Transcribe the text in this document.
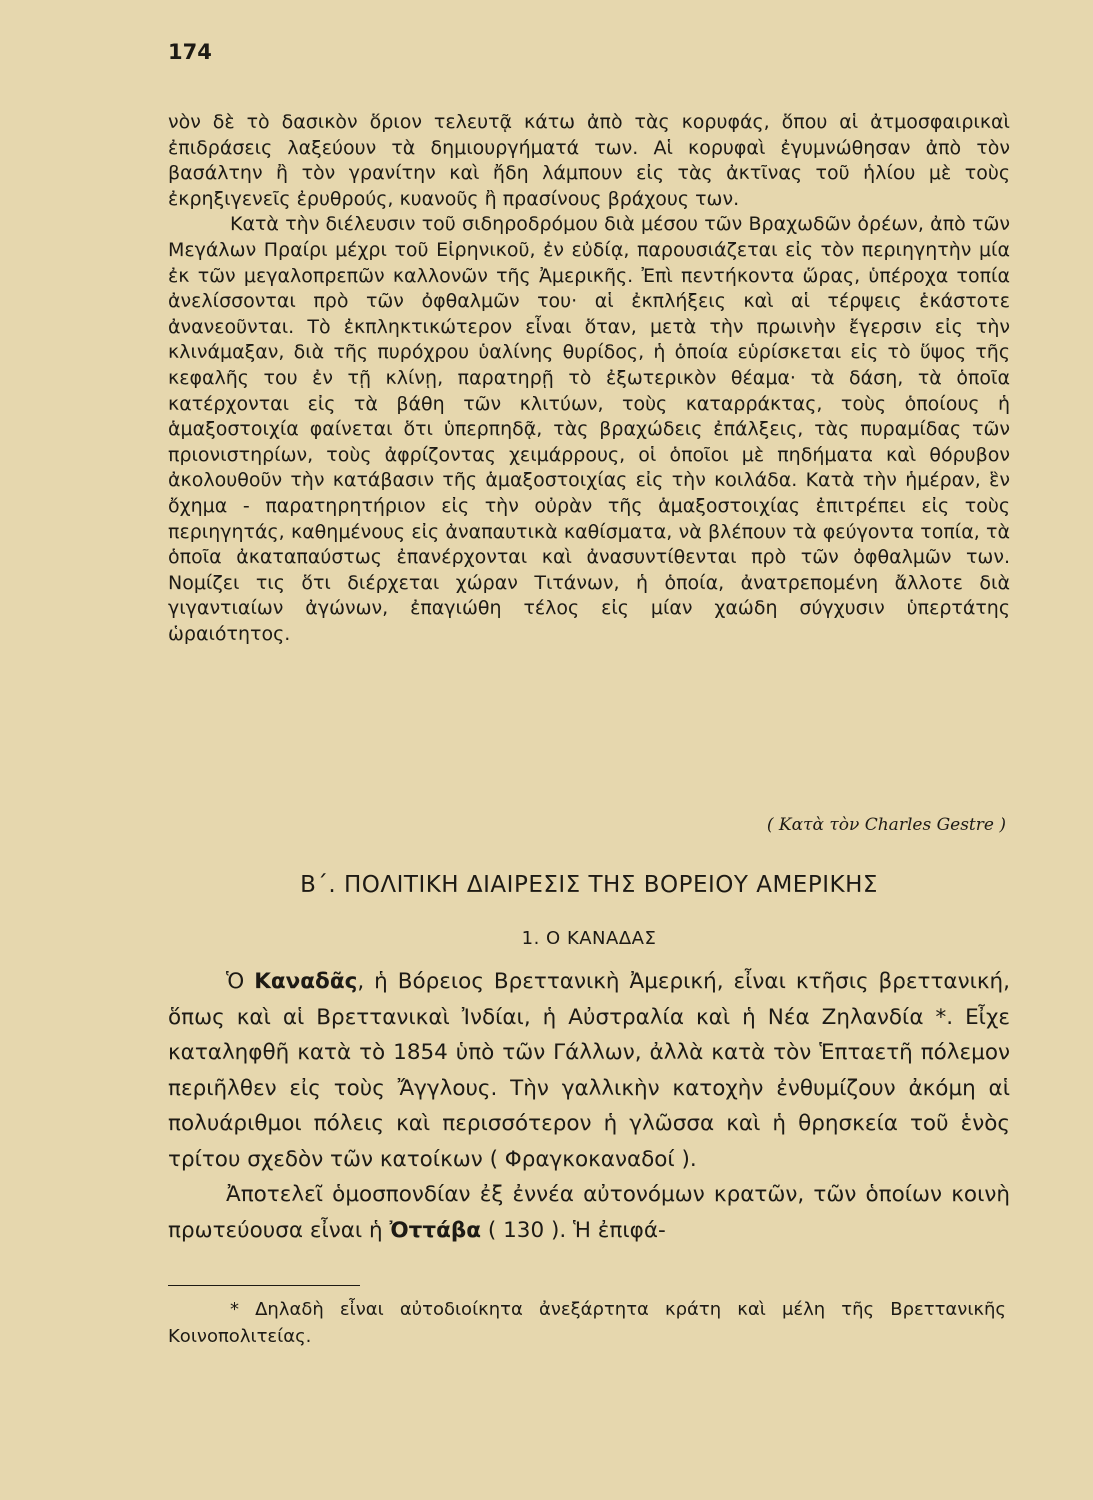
174

νὸν δὲ τὸ δασικὸν ὅριον τελευτᾷ κάτω ἀπὸ τὰς κορυφάς, ὅπου αἱ ἀτμοσφαιρικαὶ ἐπιδράσεις λαξεύουν τὰ δημιουργήματά των. Αἱ κορυφαὶ ἐγυμνώθησαν ἀπὸ τὸν βασάλτην ἢ τὸν γρανίτην καὶ ἤδη λάμπουν εἰς τὰς ἀκτῖνας τοῦ ἡλίου μὲ τοὺς ἐκρηξιγενεῖς ἐρυθρούς, κυανοῦς ἢ πρασίνους βράχους των.

Κατὰ τὴν διέλευσιν τοῦ σιδηροδρόμου διὰ μέσου τῶν Βραχωδῶν ὀρέων, ἀπὸ τῶν Μεγάλων Πραίρι μέχρι τοῦ Εἰρηνικοῦ, ἐν εὐδίᾳ, παρουσιάζεται εἰς τὸν περιηγητὴν μία ἐκ τῶν μεγαλοπρεπῶν καλλονῶν τῆς Ἀμερικῆς. Ἐπὶ πεντήκοντα ὥρας, ὑπέροχα τοπία ἀνελίσσονται πρὸ τῶν ὀφθαλμῶν του· αἱ ἐκπλήξεις καὶ αἱ τέρψεις ἑκάστοτε ἀνανεοῦνται. Τὸ ἐκπληκτικώτερον εἶναι ὅταν, μετὰ τὴν πρωινὴν ἔγερσιν εἰς τὴν κλινάμαξαν, διὰ τῆς πυρόχρου ὑαλίνης θυρίδος, ἡ ὁποία εὑρίσκεται εἰς τὸ ὕψος τῆς κεφαλῆς του ἐν τῇ κλίνῃ, παρατηρῇ τὸ ἐξωτερικὸν θέαμα· τὰ δάση, τὰ ὁποῖα κατέρχονται εἰς τὰ βάθη τῶν κλιτύων, τοὺς καταρράκτας, τοὺς ὁποίους ἡ ἁμαξοστοιχία φαίνεται ὅτι ὑπερπηδᾷ, τὰς βραχώδεις ἐπάλξεις, τὰς πυραμίδας τῶν πριονιστηρίων, τοὺς ἀφρίζοντας χειμάρρους, οἱ ὁποῖοι μὲ πηδήματα καὶ θόρυβον ἀκολουθοῦν τὴν κατάβασιν τῆς ἁμαξοστοιχίας εἰς τὴν κοιλάδα. Κατὰ τὴν ἡμέραν, ἓν ὄχημα - παρατηρητήριον εἰς τὴν οὐρὰν τῆς ἁμαξοστοιχίας ἐπιτρέπει εἰς τοὺς περιηγητάς, καθημένους εἰς ἀναπαυτικὰ καθίσματα, νὰ βλέπουν τὰ φεύγοντα τοπία, τὰ ὁποῖα ἀκαταπαύστως ἐπανέρχονται καὶ ἀνασυντίθενται πρὸ τῶν ὀφθαλμῶν των. Νομίζει τις ὅτι διέρχεται χώραν Τιτάνων, ἡ ὁποία, ἀνατρεπομένη ἄλλοτε διὰ γιγαντιαίων ἀγώνων, ἐπαγιώθη τέλος εἰς μίαν χαώδη σύγχυσιν ὑπερτάτης ὡραιότητος.

( Κατὰ τὸν Charles Gestre )
Β΄. ΠΟΛΙΤΙΚΗ ΔΙΑΙΡΕΣΙΣ ΤΗΣ ΒΟΡΕΙΟΥ ΑΜΕΡΙΚΗΣ
1. Ο ΚΑΝΑΔΑΣ

Ὁ Καναδᾶς, ἡ Βόρειος Βρεττανικὴ Ἀμερική, εἶναι κτῆσις βρεττανική, ὅπως καὶ αἱ Βρεττανικαὶ Ἰνδίαι, ἡ Αὐστραλία καὶ ἡ Νέα Ζηλανδία *. Εἶχε καταληφθῆ κατὰ τὸ 1854 ὑπὸ τῶν Γάλλων, ἀλλὰ κατὰ τὸν Ἑπταετῆ πόλεμον περιῆλθεν εἰς τοὺς Ἄγγλους. Τὴν γαλλικὴν κατοχὴν ἐνθυμίζουν ἀκόμη αἱ πολυάριθμοι πόλεις καὶ περισσότερον ἡ γλῶσσα καὶ ἡ θρησκεία τοῦ ἑνὸς τρίτου σχεδὸν τῶν κατοίκων ( Φραγκοκαναδοί ).

Ἀποτελεῖ ὁμοσπονδίαν ἐξ ἐννέα αὐτονόμων κρατῶν, τῶν ὁποίων κοινὴ πρωτεύουσα εἶναι ἡ Ὀττάβα ( 130 ). Ἡ ἐπιφά-

* Δηλαδὴ εἶναι αὐτοδιοίκητα ἀνεξάρτητα κράτη καὶ μέλη τῆς Βρεττανικῆς Κοινοπολιτείας.
